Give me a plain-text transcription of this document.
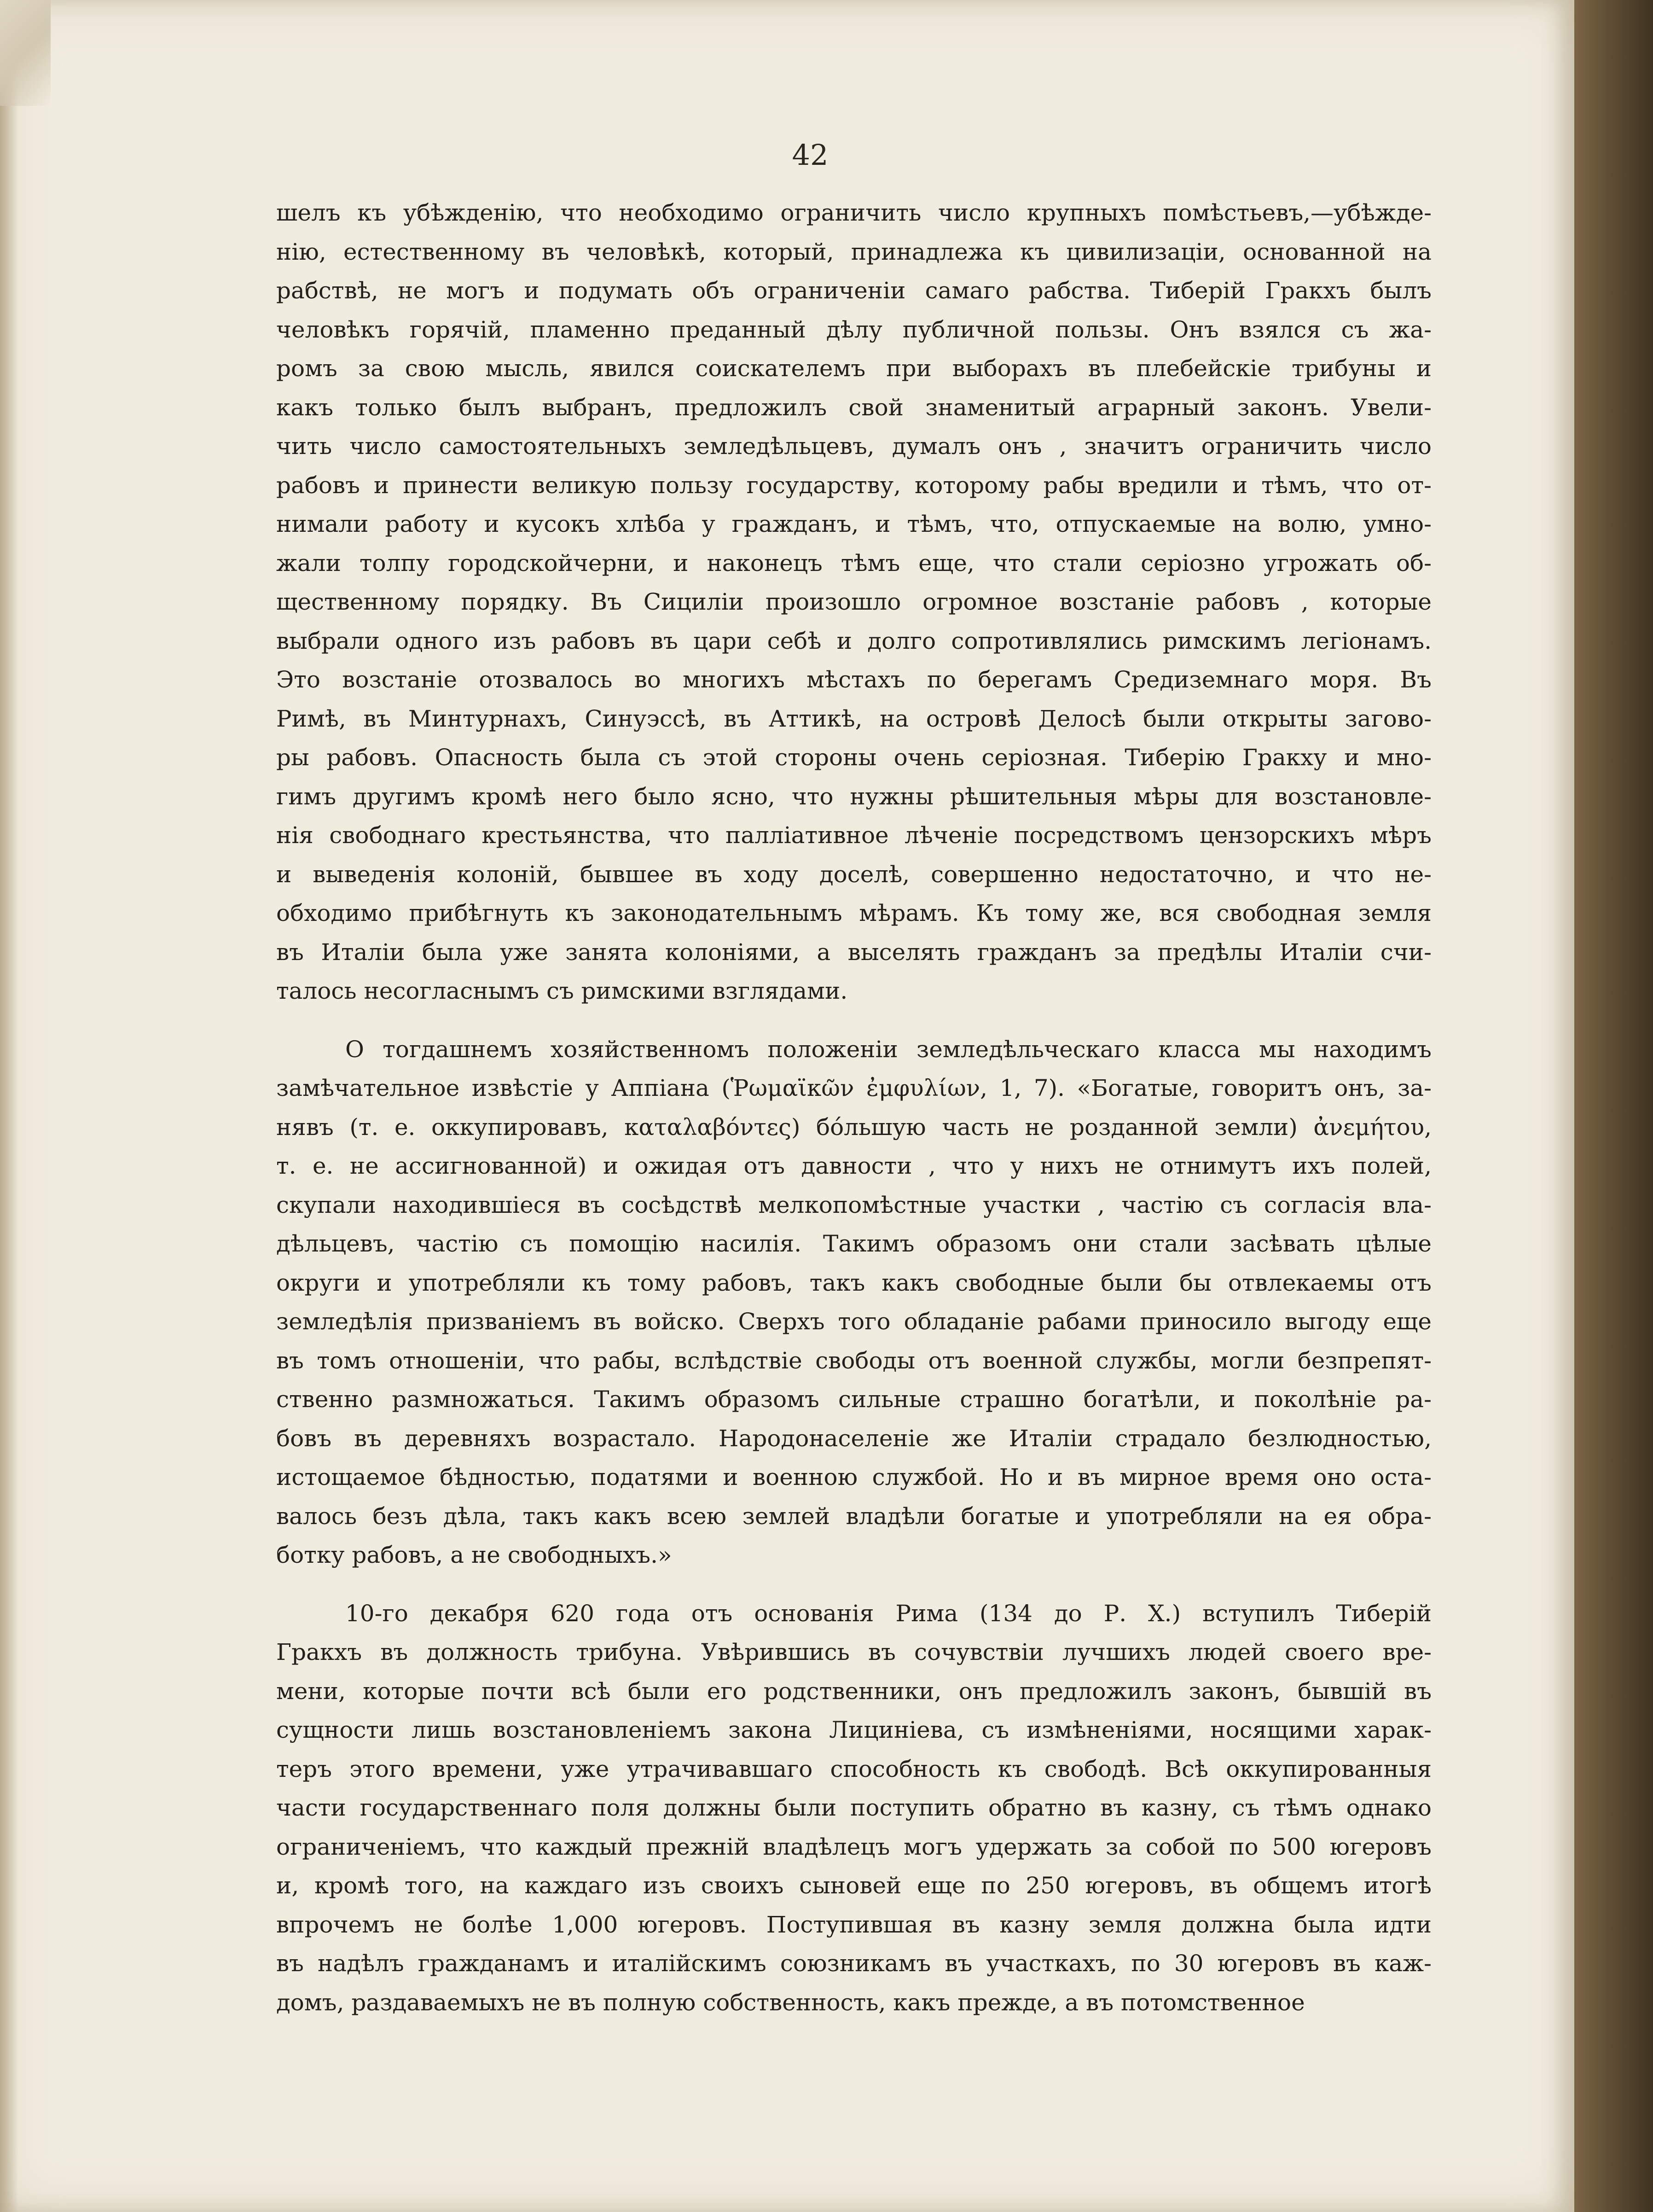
42
шелъ къ убѣжденію, что необходимо ограничить число крупныхъ помѣстьевъ,—убѣжде-
нію, естественному въ человѣкѣ, который, принадлежа къ цивилизаціи, основанной на
рабствѣ, не могъ и подумать объ ограниченіи самаго рабства. Тиберій Гракхъ былъ
человѣкъ горячій, пламенно преданный дѣлу публичной пользы. Онъ взялся съ жа-
ромъ за свою мысль, явился соискателемъ при выборахъ въ плебейскіе трибуны и
какъ только былъ выбранъ, предложилъ свой знаменитый аграрный законъ. Увели-
чить число самостоятельныхъ земледѣльцевъ, думалъ онъ , значитъ ограничить число
рабовъ и принести великую пользу государству, которому рабы вредили и тѣмъ, что от-
нимали работу и кусокъ хлѣба у гражданъ, и тѣмъ, что, отпускаемые на волю, умно-
жали толпу городскойчерни, и наконецъ тѣмъ еще, что стали серіозно угрожать об-
щественному порядку. Въ Сициліи произошло огромное возстаніе рабовъ , которые
выбрали одного изъ рабовъ въ цари себѣ и долго сопротивлялись римскимъ легіонамъ.
Это возстаніе отозвалось во многихъ мѣстахъ по берегамъ Средиземнаго моря. Въ
Римѣ, въ Минтурнахъ, Синуэссѣ, въ Аттикѣ, на островѣ Делосѣ были открыты загово-
ры рабовъ. Опасность была съ этой стороны очень серіозная. Тиберію Гракху и мно-
гимъ другимъ кромѣ него было ясно, что нужны рѣшительныя мѣры для возстановле-
нія свободнаго крестьянства, что палліативное лѣченіе посредствомъ цензорскихъ мѣръ
и выведенія колоній, бывшее въ ходу доселѣ, совершенно недостаточно, и что не-
обходимо прибѣгнуть къ законодательнымъ мѣрамъ. Къ тому же, вся свободная земля
въ Италіи была уже занята колоніями, а выселять гражданъ за предѣлы Италіи счи-
талось несогласнымъ съ римскими взглядами.
О тогдашнемъ хозяйственномъ положеніи земледѣльческаго класса мы находимъ
замѣчательное извѣстіе у Аппіана (Ῥωμαϊκῶν ἐμφυλίων, 1, 7). «Богатые, говоритъ онъ, за-
нявъ (т. е. оккупировавъ, καταλαβόντες) бóльшую часть не розданной земли) ἀνεμήτου,
т. е. не ассигнованной) и ожидая отъ давности , что у нихъ не отнимутъ ихъ полей,
скупали находившіеся въ сосѣдствѣ мелкопомѣстные участки , частію съ согласія вла-
дѣльцевъ, частію съ помощію насилія. Такимъ образомъ они стали засѣвать цѣлые
округи и употребляли къ тому рабовъ, такъ какъ свободные были бы отвлекаемы отъ
земледѣлія призваніемъ въ войско. Сверхъ того обладаніе рабами приносило выгоду еще
въ томъ отношеніи, что рабы, вслѣдствіе свободы отъ военной службы, могли безпрепят-
ственно размножаться. Такимъ образомъ сильные страшно богатѣли, и поколѣніе ра-
бовъ въ деревняхъ возрастало. Народонаселеніе же Италіи страдало безлюдностью,
истощаемое бѣдностью, податями и военною службой. Но и въ мирное время оно оста-
валось безъ дѣла, такъ какъ всею землей владѣли богатые и употребляли на ея обра-
ботку рабовъ, а не свободныхъ.»
10-го декабря 620 года отъ основанія Рима (134 до Р. Х.) вступилъ Тиберій
Гракхъ въ должность трибуна. Увѣрившись въ сочувствіи лучшихъ людей своего вре-
мени, которые почти всѣ были его родственники, онъ предложилъ законъ, бывшій въ
сущности лишь возстановленіемъ закона Лициніева, съ измѣненіями, носящими харак-
теръ этого времени, уже утрачивавшаго способность къ свободѣ. Всѣ оккупированныя
части государственнаго поля должны были поступить обратно въ казну, съ тѣмъ однако
ограниченіемъ, что каждый прежній владѣлецъ могъ удержать за собой по 500 югеровъ
и, кромѣ того, на каждаго изъ своихъ сыновей еще по 250 югеровъ, въ общемъ итогѣ
впрочемъ не болѣе 1,000 югеровъ. Поступившая въ казну земля должна была идти
въ надѣлъ гражданамъ и италійскимъ союзникамъ въ участкахъ, по 30 югеровъ въ каж-
домъ, раздаваемыхъ не въ полную собственность, какъ прежде, а въ потомственное
